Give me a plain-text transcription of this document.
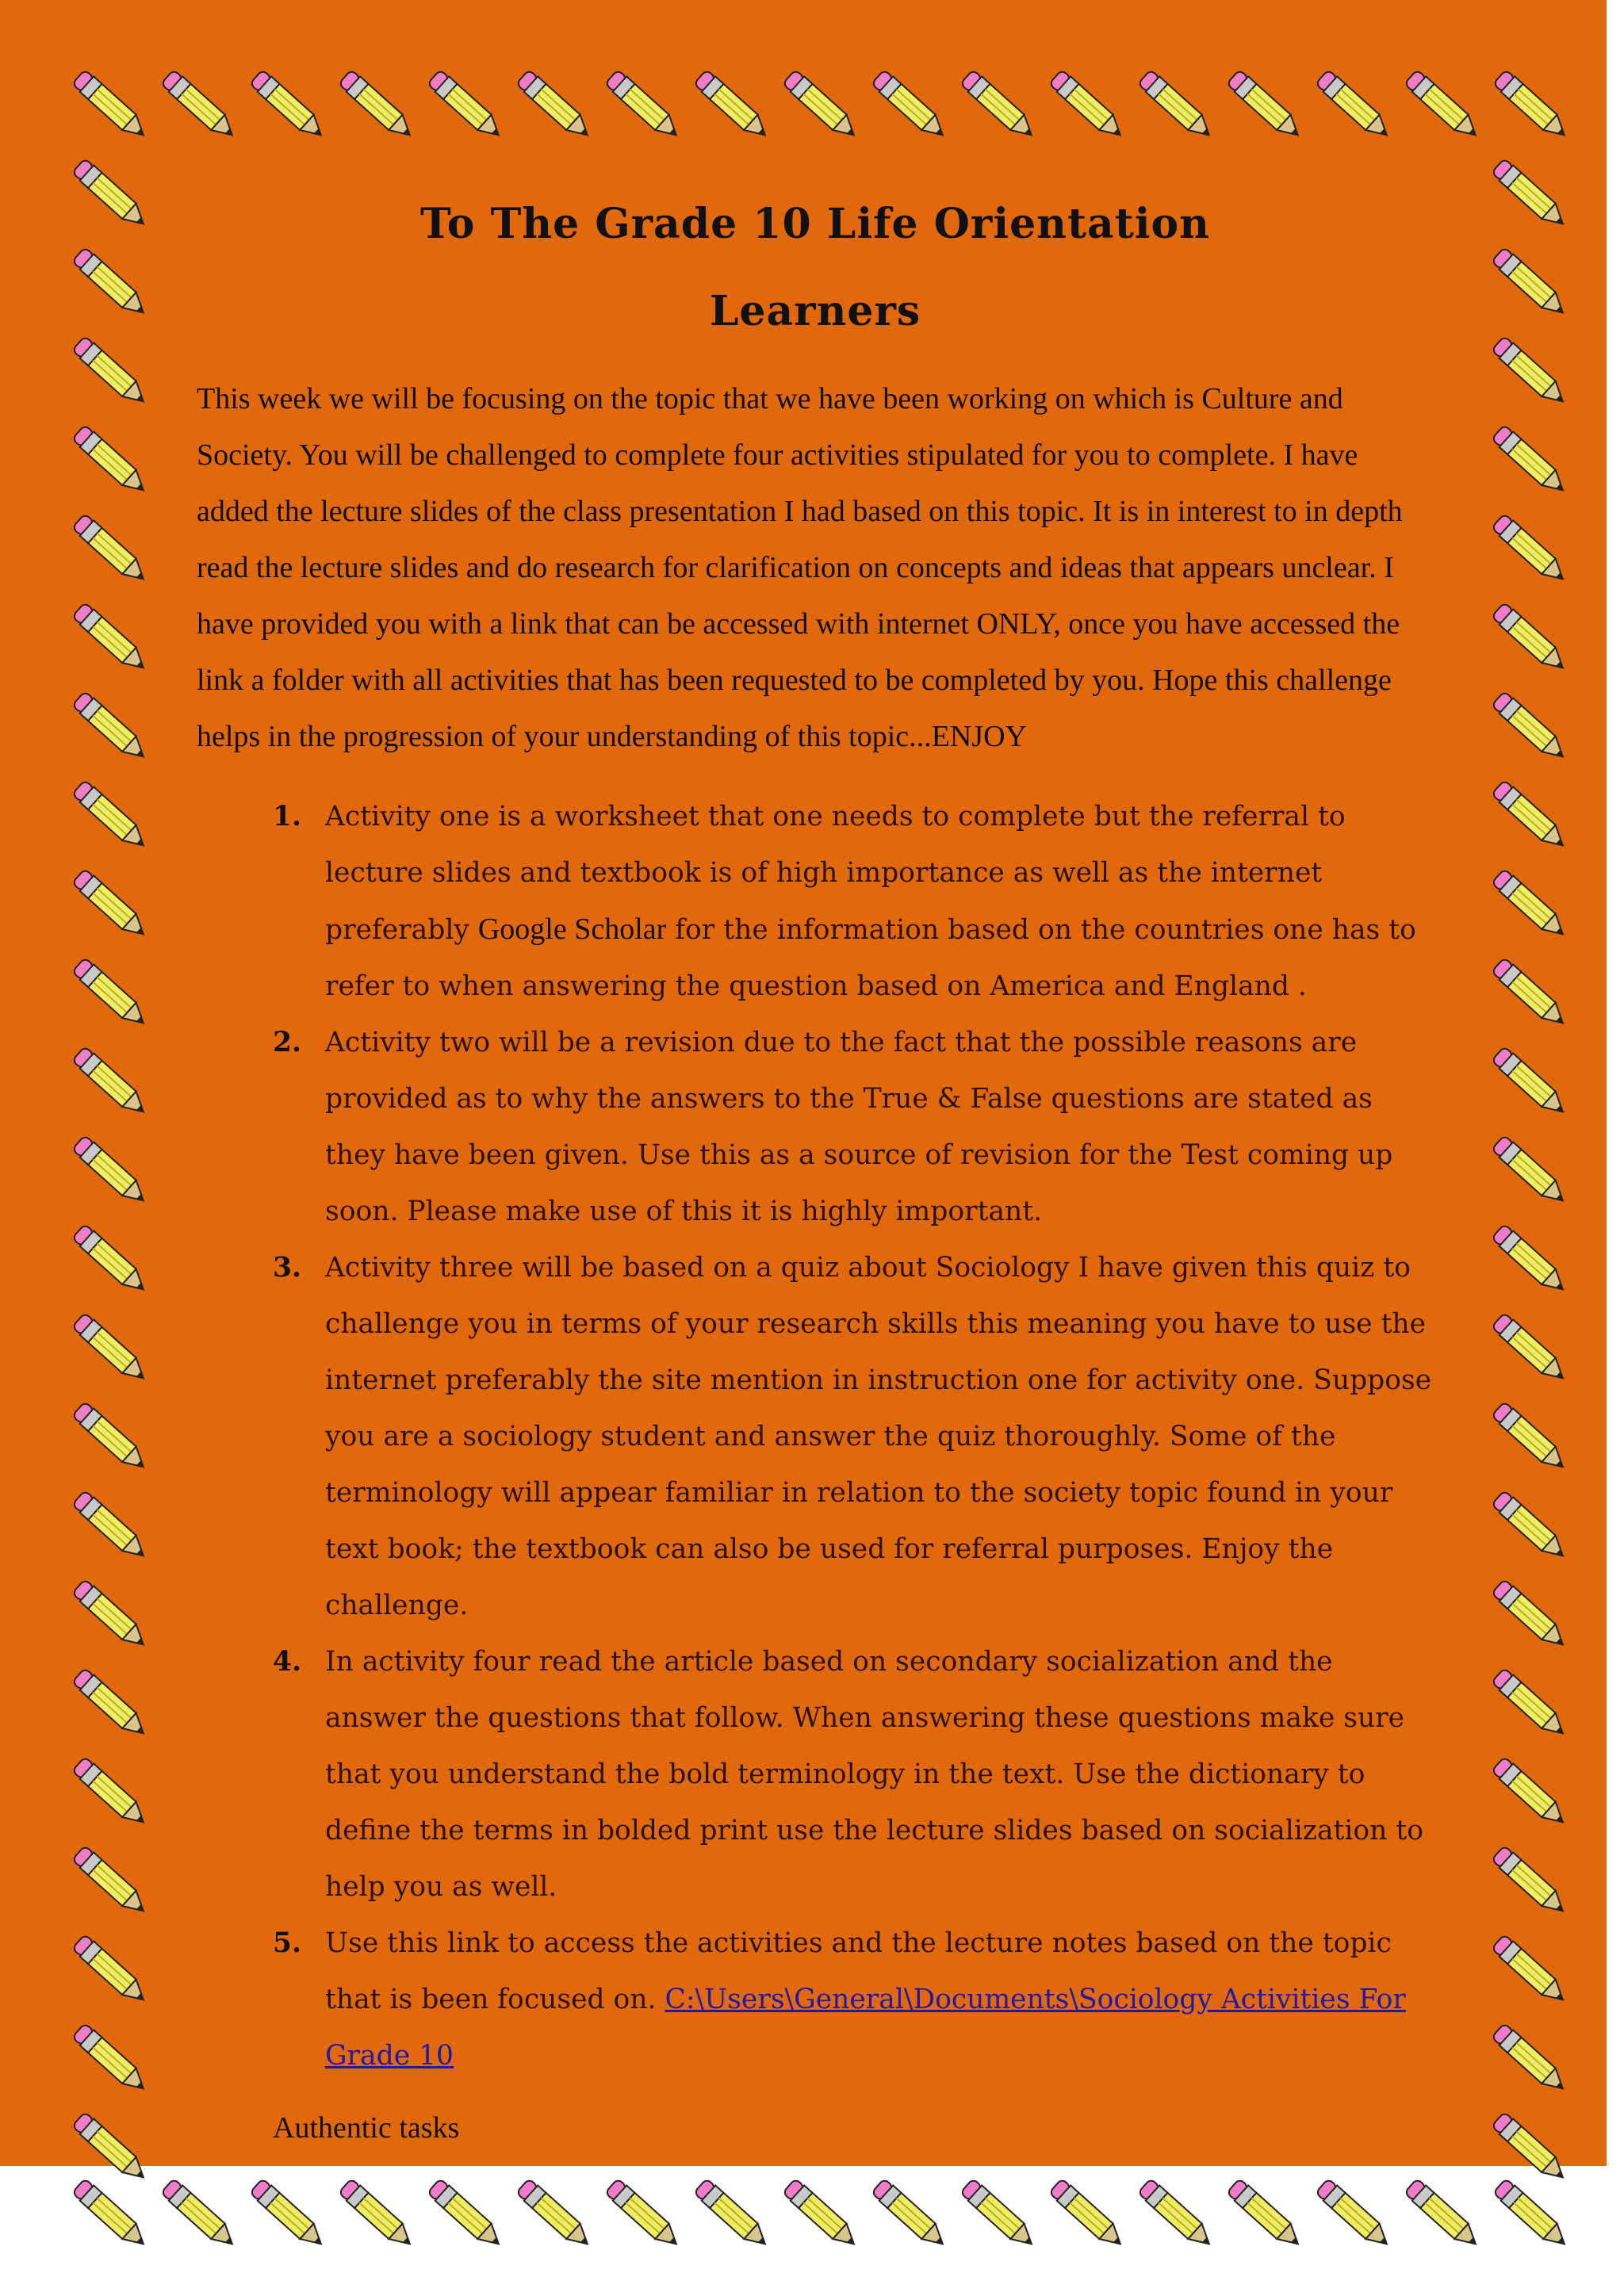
To The Grade 10 Life Orientation
Learners

This week we will be focusing on the topic that we have been working on which is Culture and Society. You will be challenged to complete four activities stipulated for you to complete. I have added the lecture slides of the class presentation I had based on this topic. It is in interest to in depth read the lecture slides and do research for clarification on concepts and ideas that appears unclear. I have provided you with a link that can be accessed with internet ONLY, once you have accessed the link a folder with all activities that has been requested to be completed by you. Hope this challenge helps in the progression of your understanding of this topic...ENJOY

1. Activity one is a worksheet that one needs to complete but the referral to lecture slides and textbook is of high importance as well as the internet preferably Google Scholar for the information based on the countries one has to refer to when answering the question based on America and England .
2. Activity two will be a revision due to the fact that the possible reasons are provided as to why the answers to the True & False questions are stated as they have been given. Use this as a source of revision for the Test coming up soon. Please make use of this it is highly important.
3. Activity three will be based on a quiz about Sociology I have given this quiz to challenge you in terms of your research skills this meaning you have to use the internet preferably the site mention in instruction one for activity one. Suppose you are a sociology student and answer the quiz thoroughly. Some of the terminology will appear familiar in relation to the society topic found in your text book; the textbook can also be used for referral purposes. Enjoy the challenge.
4. In activity four read the article based on secondary socialization and the answer the questions that follow. When answering these questions make sure that you understand the bold terminology in the text. Use the dictionary to define the terms in bolded print use the lecture slides based on socialization to help you as well.
5. Use this link to access the activities and the lecture notes based on the topic that is been focused on. C:\Users\General\Documents\Sociology Activities For Grade 10

Authentic tasks
